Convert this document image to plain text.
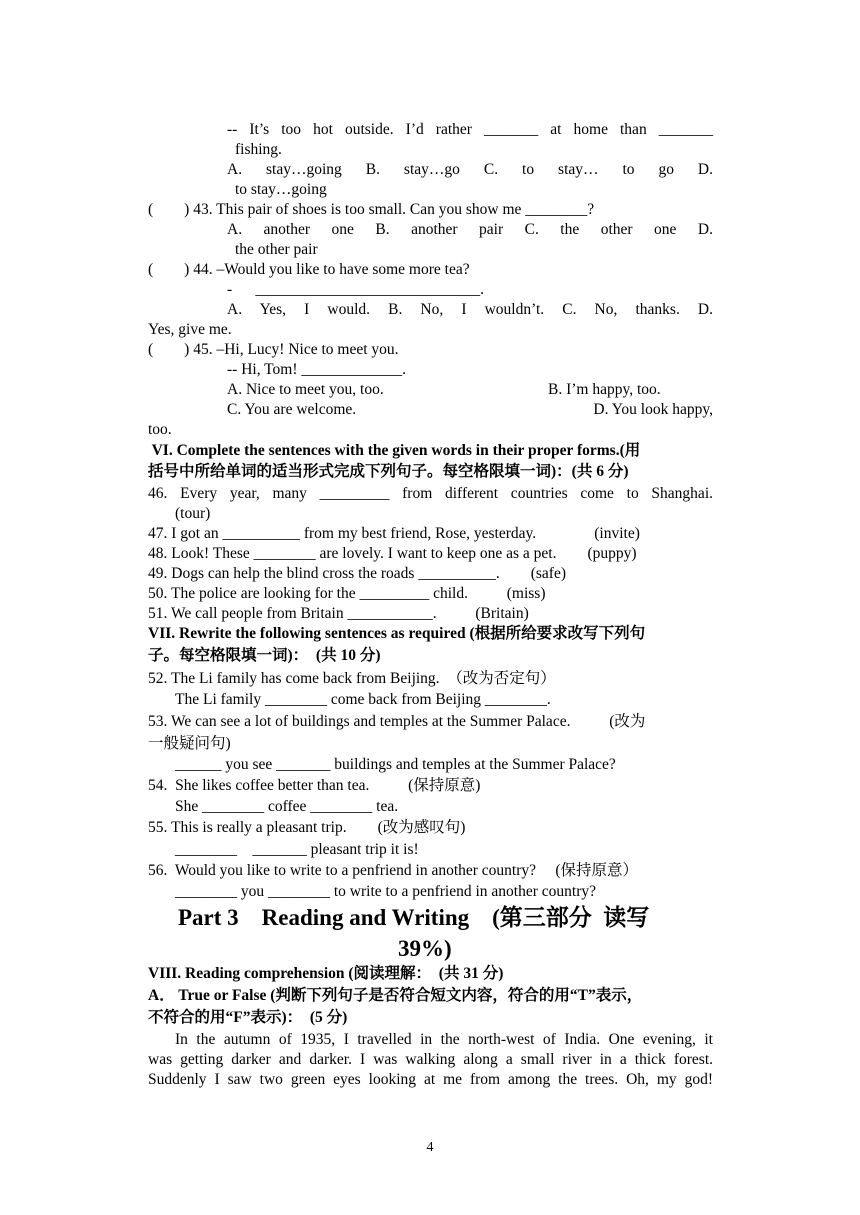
-- It’s too hot outside. I’d rather _______ at home than _______
fishing.
A. stay…going B. stay…go C. to stay… to go D.
to stay…going
(        ) 43. This pair of shoes is too small. Can you show me ________?
A. another one B. another pair C. the other one D.
the other pair
(        ) 44. –Would you like to have some more tea?
-      _____________________________.
A. Yes, I would. B. No, I wouldn’t. C. No, thanks. D.
Yes, give me.
(        ) 45. –Hi, Lucy! Nice to meet you.
-- Hi, Tom! _____________.
A. Nice to meet you, too.	B. I’m happy, too.
C. You are welcome.	D. You look happy,
too.
VI. Complete the sentences with the given words in their proper forms.(用
括号中所给单词的适当形式完成下列句子。每空格限填一词)：(共 6 分)
46. Every year, many _________ from different countries come to Shanghai.
(tour)
47. I got an __________ from my best friend, Rose, yesterday.               (invite)
48. Look! These ________ are lovely. I want to keep one as a pet.        (puppy)
49. Dogs can help the blind cross the roads __________.        (safe)
50. The police are looking for the _________ child.          (miss)
51. We call people from Britain ___________.          (Britain)
VII. Rewrite the following sentences as required (根据所给要求改写下列句
子。每空格限填一词)：  (共 10 分)
52. The Li family has come back from Beijing.  （改为否定句）
The Li family ________ come back from Beijing ________.
53. We can see a lot of buildings and temples at the Summer Palace.          (改为
一般疑问句)
______ you see _______ buildings and temples at the Summer Palace?
54.  She likes coffee better than tea.          (保持原意)
She ________ coffee ________ tea.
55. This is really a pleasant trip.        (改为感叹句)
________    _______ pleasant trip it is!
56.  Would you like to write to a penfriend in another country?     (保持原意）
________ you ________ to write to a penfriend in another country?
Part 3    Reading and Writing    (第三部分  读写
39%)
VIII. Reading comprehension (阅读理解：  (共 31 分)
A． True or False (判断下列句子是否符合短文内容，符合的用“T”表示，
不符合的用“F”表示)：  (5 分)
In the autumn of 1935, I travelled in the north-west of India. One evening, it
was getting darker and darker. I was walking along a small river in a thick forest.
Suddenly I saw two green eyes looking at me from among the trees. Oh, my god!
4
